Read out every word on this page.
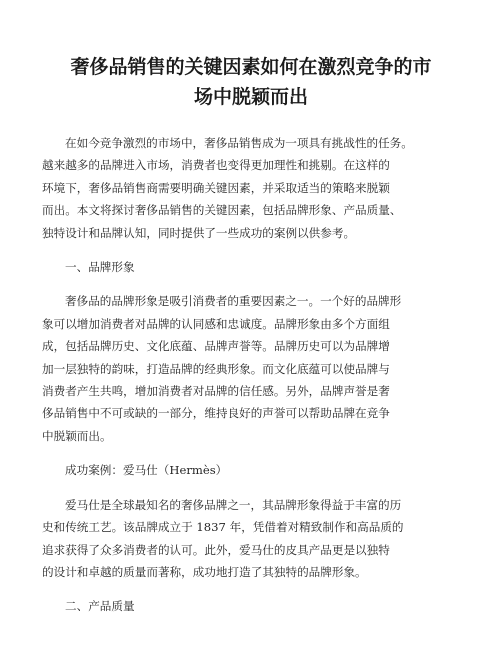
奢侈品销售的关键因素如何在激烈竞争的市
场中脱颖而出

在如今竞争激烈的市场中，奢侈品销售成为一项具有挑战性的任务。
越来越多的品牌进入市场，消费者也变得更加理性和挑剔。在这样的
环境下，奢侈品销售商需要明确关键因素，并采取适当的策略来脱颖
而出。本文将探讨奢侈品销售的关键因素，包括品牌形象、产品质量、
独特设计和品牌认知，同时提供了一些成功的案例以供参考。

一、品牌形象

奢侈品的品牌形象是吸引消费者的重要因素之一。一个好的品牌形
象可以增加消费者对品牌的认同感和忠诚度。品牌形象由多个方面组
成，包括品牌历史、文化底蕴、品牌声誉等。品牌历史可以为品牌增
加一层独特的韵味，打造品牌的经典形象。而文化底蕴可以使品牌与
消费者产生共鸣，增加消费者对品牌的信任感。另外，品牌声誉是奢
侈品销售中不可或缺的一部分，维持良好的声誉可以帮助品牌在竞争
中脱颖而出。

成功案例：爱马仕（Hermès）

爱马仕是全球最知名的奢侈品牌之一，其品牌形象得益于丰富的历
史和传统工艺。该品牌成立于 1837 年，凭借着对精致制作和高品质的
追求获得了众多消费者的认可。此外，爱马仕的皮具产品更是以独特
的设计和卓越的质量而著称，成功地打造了其独特的品牌形象。

二、产品质量
